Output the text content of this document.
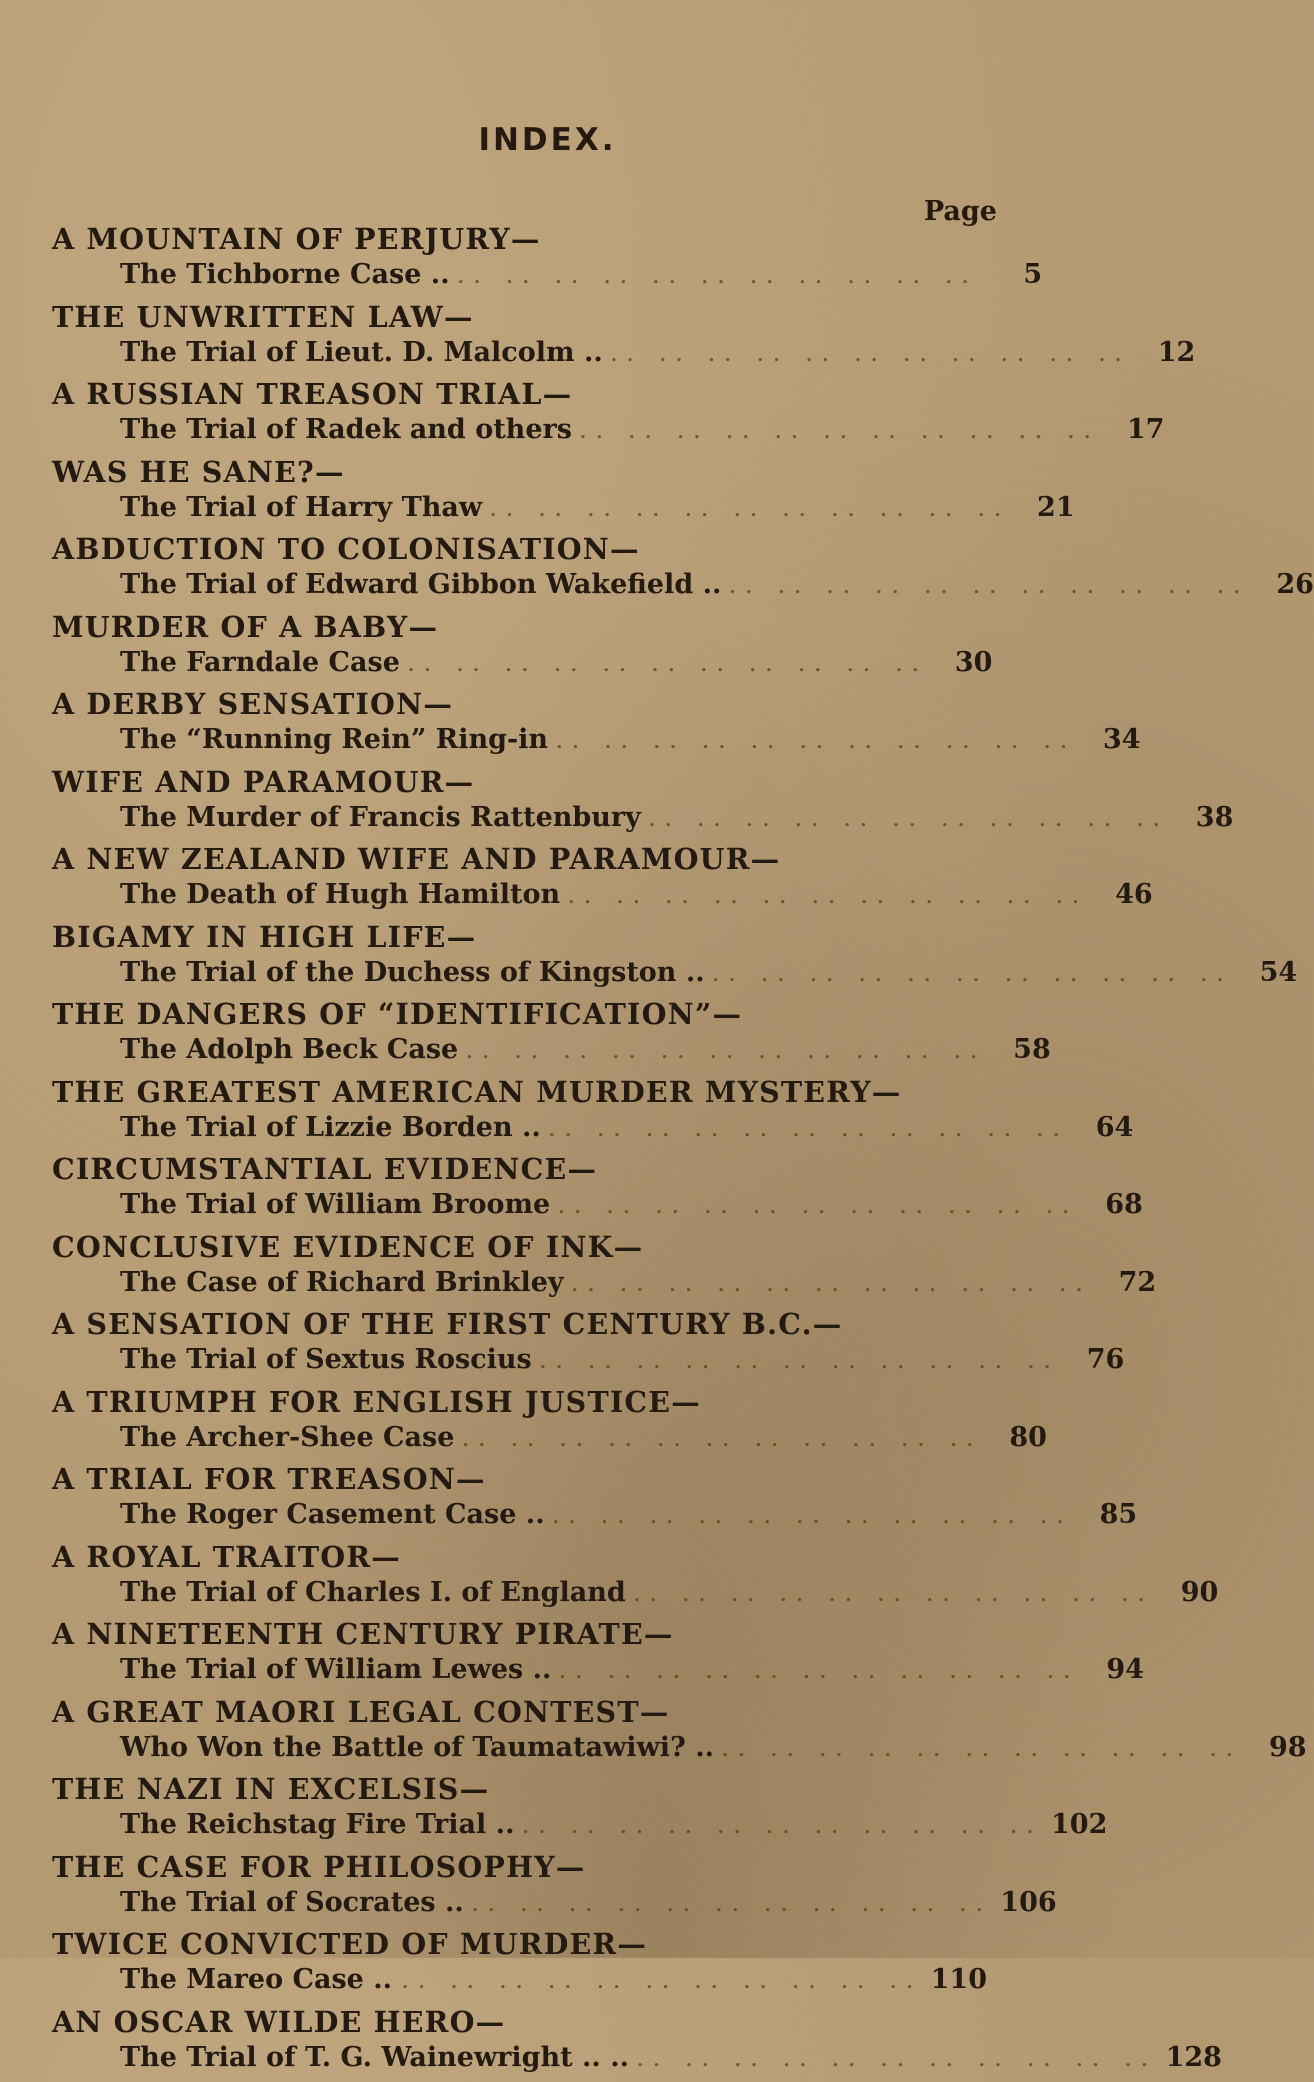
INDEX.
Page
A MOUNTAIN OF PERJURY—
The Tichborne Case .. .. .. .. .. .. .. .. .. .. .. ..	5
THE UNWRITTEN LAW—
The Trial of Lieut. D. Malcolm .. .. .. .. .. .. .. .. .. .. .. .. 12
A RUSSIAN TREASON TRIAL—
The Trial of Radek and others .. .. .. .. .. .. .. .. .. .. .. 17
WAS HE SANE?—
The Trial of Harry Thaw .. .. .. .. .. .. .. .. .. .. .. 21
ABDUCTION TO COLONISATION—
The Trial of Edward Gibbon Wakefield .. .. .. .. .. .. .. .. .. .. .. .. 26
MURDER OF A BABY—
The Farndale Case .. .. .. .. .. .. .. .. .. .. .. 30
A DERBY SENSATION—
The “Running Rein” Ring-in .. .. .. .. .. .. .. .. .. .. .. 34
WIFE AND PARAMOUR—
The Murder of Francis Rattenbury .. .. .. .. .. .. .. .. .. .. .. 38
A NEW ZEALAND WIFE AND PARAMOUR—
The Death of Hugh Hamilton .. .. .. .. .. .. .. .. .. .. .. 46
BIGAMY IN HIGH LIFE—
The Trial of the Duchess of Kingston .. .. .. .. .. .. .. .. .. .. .. .. 54
THE DANGERS OF “IDENTIFICATION”—
The Adolph Beck Case .. .. .. .. .. .. .. .. .. .. .. 58
THE GREATEST AMERICAN MURDER MYSTERY—
The Trial of Lizzie Borden .. .. .. .. .. .. .. .. .. .. .. .. 64
CIRCUMSTANTIAL EVIDENCE—
The Trial of William Broome .. .. .. .. .. .. .. .. .. .. .. 68
CONCLUSIVE EVIDENCE OF INK—
The Case of Richard Brinkley .. .. .. .. .. .. .. .. .. .. .. 72
A SENSATION OF THE FIRST CENTURY B.C.—
The Trial of Sextus Roscius .. .. .. .. .. .. .. .. .. .. .. 76
A TRIUMPH FOR ENGLISH JUSTICE—
The Archer-Shee Case .. .. .. .. .. .. .. .. .. .. .. 80
A TRIAL FOR TREASON—
The Roger Casement Case .. .. .. .. .. .. .. .. .. .. .. .. 85
A ROYAL TRAITOR—
The Trial of Charles I. of England .. .. .. .. .. .. .. .. .. .. .. 90
A NINETEENTH CENTURY PIRATE—
The Trial of William Lewes .. .. .. .. .. .. .. .. .. .. .. .. 94
A GREAT MAORI LEGAL CONTEST—
Who Won the Battle of Taumatawiwi? .. .. .. .. .. .. .. .. .. .. .. .. 98
THE NAZI IN EXCELSIS—
The Reichstag Fire Trial .. .. .. .. .. .. .. .. .. .. .. .. 102
THE CASE FOR PHILOSOPHY—
The Trial of Socrates .. .. .. .. .. .. .. .. .. .. .. .. 106
TWICE CONVICTED OF MURDER—
The Mareo Case .. .. .. .. .. .. .. .. .. .. .. .. 110
AN OSCAR WILDE HERO—
The Trial of T. G. Wainewright .. .. .. .. .. .. .. .. .. .. .. .. .. 128
